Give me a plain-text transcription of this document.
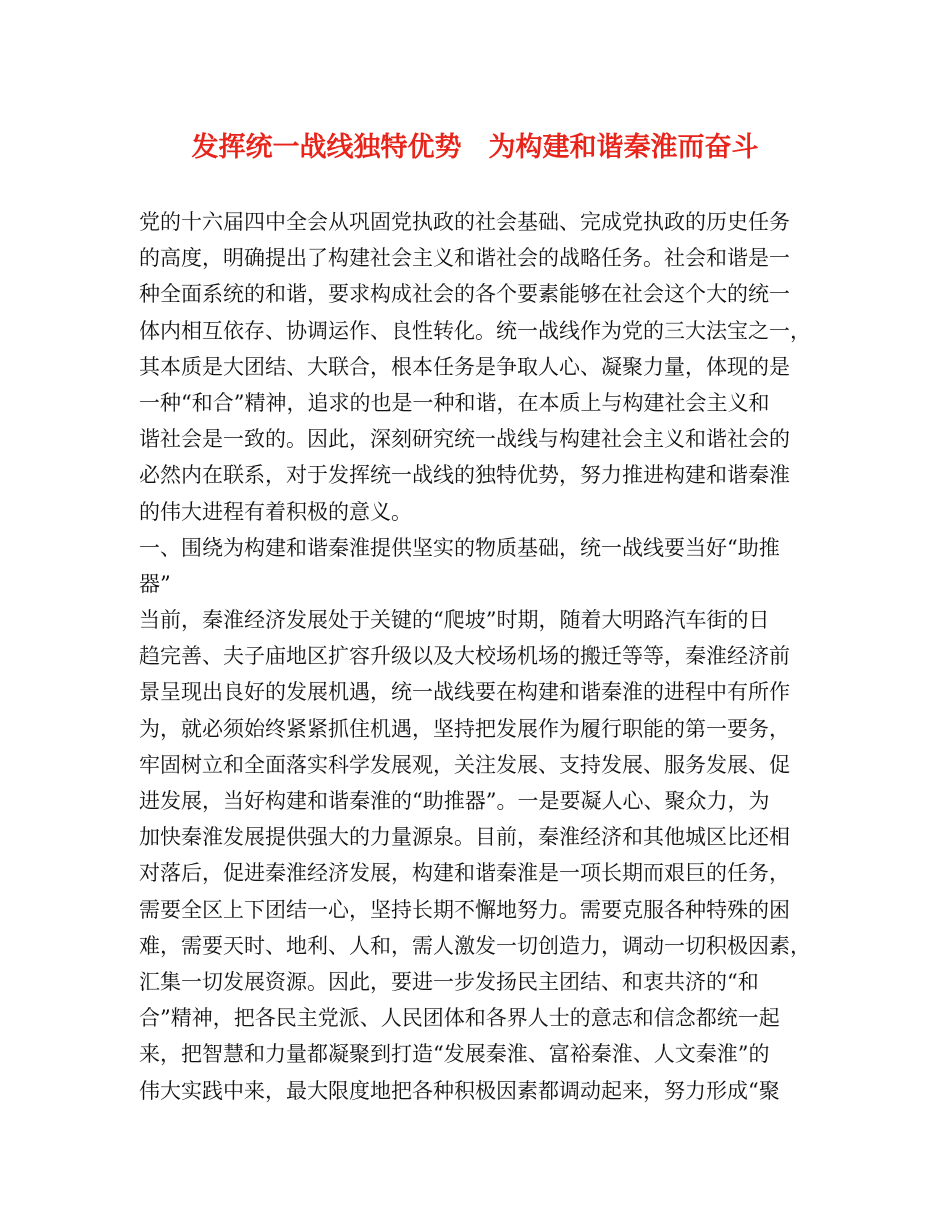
发挥统一战线独特优势　为构建和谐秦淮而奋斗
党的十六届四中全会从巩固党执政的社会基础、完成党执政的历史任务
的高度，明确提出了构建社会主义和谐社会的战略任务。社会和谐是一
种全面系统的和谐，要求构成社会的各个要素能够在社会这个大的统一
体内相互依存、协调运作、良性转化。统一战线作为党的三大法宝之一，
其本质是大团结、大联合，根本任务是争取人心、凝聚力量，体现的是
一种“和合”精神，追求的也是一种和谐，在本质上与构建社会主义和
谐社会是一致的。因此，深刻研究统一战线与构建社会主义和谐社会的
必然内在联系，对于发挥统一战线的独特优势，努力推进构建和谐秦淮
的伟大进程有着积极的意义。
一、围绕为构建和谐秦淮提供坚实的物质基础，统一战线要当好“助推
器”
当前，秦淮经济发展处于关键的“爬坡”时期，随着大明路汽车街的日
趋完善、夫子庙地区扩容升级以及大校场机场的搬迁等等，秦淮经济前
景呈现出良好的发展机遇，统一战线要在构建和谐秦淮的进程中有所作
为，就必须始终紧紧抓住机遇，坚持把发展作为履行职能的第一要务，
牢固树立和全面落实科学发展观，关注发展、支持发展、服务发展、促
进发展，当好构建和谐秦淮的“助推器”。一是要凝人心、聚众力，为
加快秦淮发展提供强大的力量源泉。目前，秦淮经济和其他城区比还相
对落后，促进秦淮经济发展，构建和谐秦淮是一项长期而艰巨的任务，
需要全区上下团结一心，坚持长期不懈地努力。需要克服各种特殊的困
难，需要天时、地利、人和，需人激发一切创造力，调动一切积极因素，
汇集一切发展资源。因此，要进一步发扬民主团结、和衷共济的“和
合”精神，把各民主党派、人民团体和各界人士的意志和信念都统一起
来，把智慧和力量都凝聚到打造“发展秦淮、富裕秦淮、人文秦淮”的
伟大实践中来，最大限度地把各种积极因素都调动起来，努力形成“聚
